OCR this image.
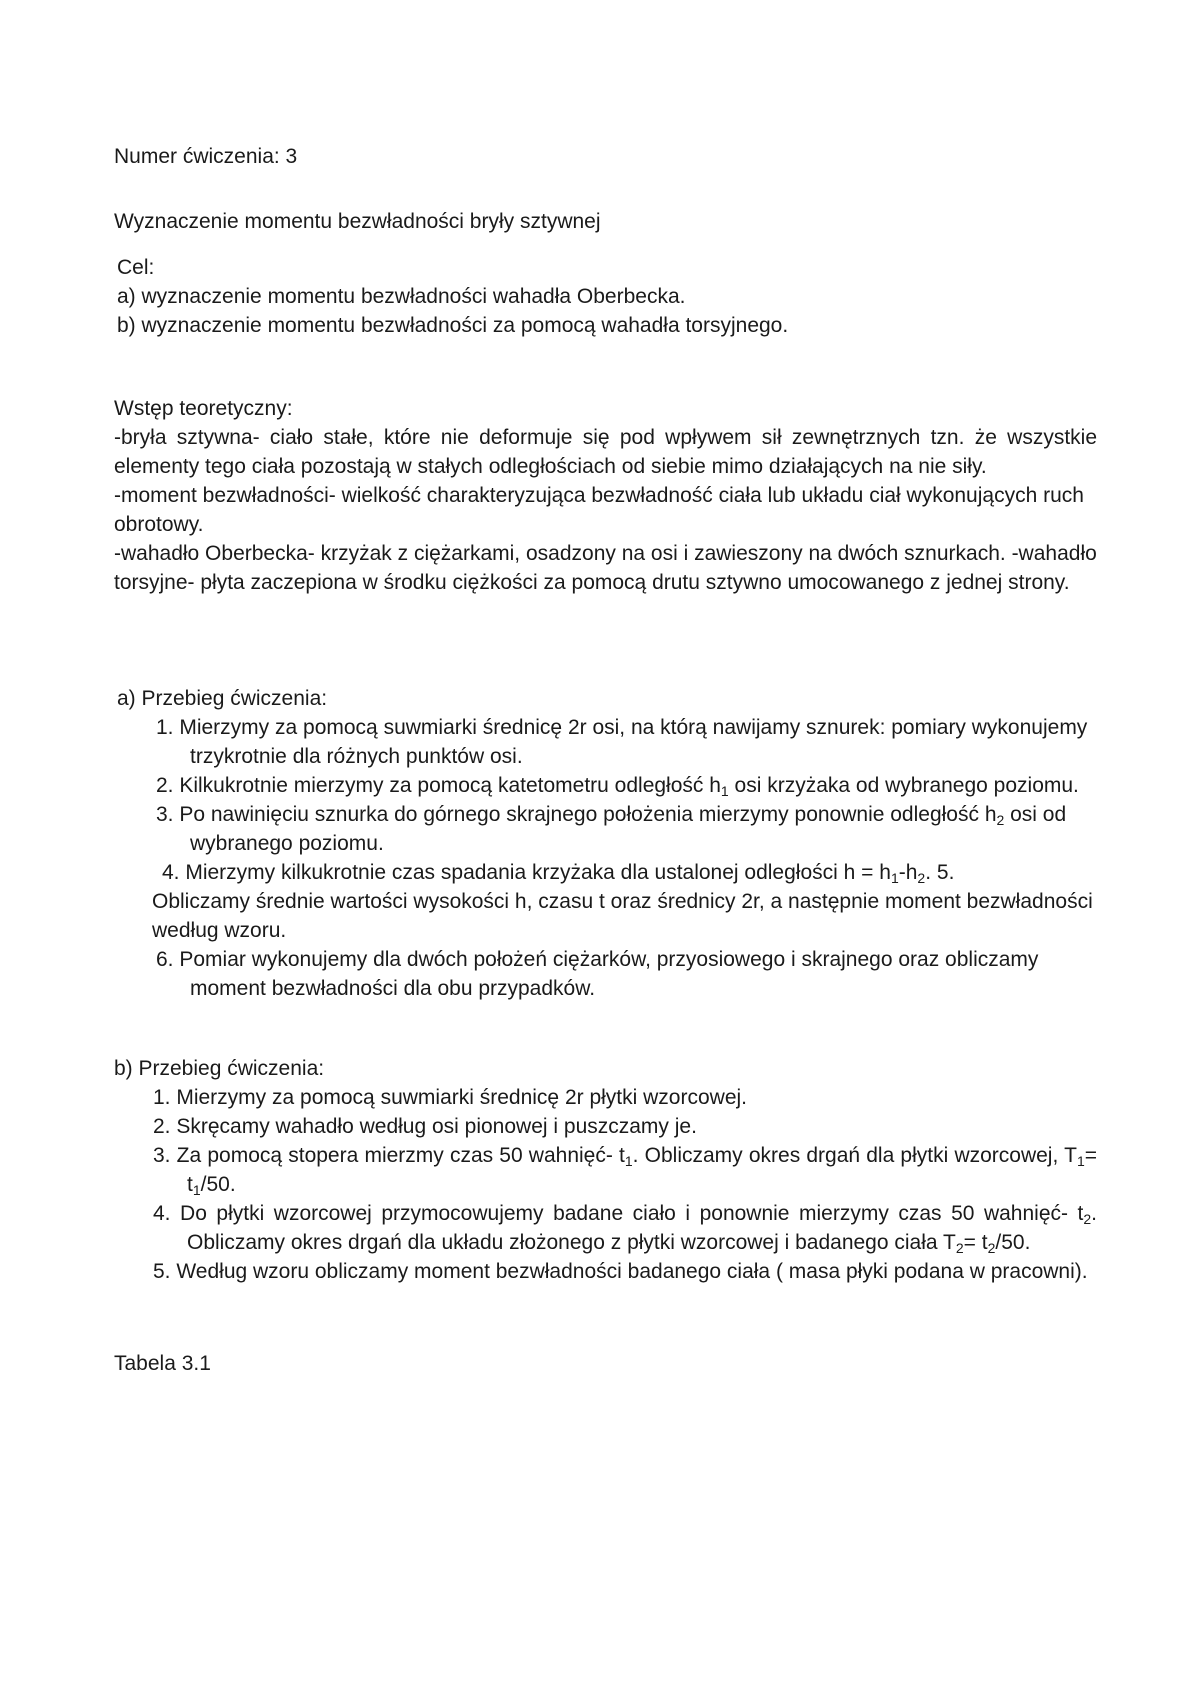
Numer ćwiczenia: 3

Wyznaczenie momentu bezwładności bryły sztywnej

Cel:

a) wyznaczenie momentu bezwładności wahadła Oberbecka.

b) wyznaczenie momentu bezwładności za pomocą wahadła torsyjnego.

Wstęp teoretyczny:

-bryła sztywna- ciało stałe, które nie deformuje się pod wpływem sił zewnętrznych tzn. że wszystkie elementy tego ciała pozostają w stałych odległościach od siebie mimo działających na nie siły.

-moment bezwładności- wielkość charakteryzująca bezwładność ciała lub układu ciał wykonujących ruch obrotowy.

-wahadło Oberbecka- krzyżak z ciężarkami, osadzony na osi i zawieszony na dwóch sznurkach. -wahadło torsyjne- płyta zaczepiona w środku ciężkości za pomocą drutu sztywno umocowanego z jednej strony.

a) Przebieg ćwiczenia:

1. Mierzymy za pomocą suwmiarki średnicę 2r osi, na którą nawijamy sznurek: pomiary wykonujemy trzykrotnie dla różnych punktów osi.
2. Kilkukrotnie mierzymy za pomocą katetometru odległość $h_1$ osi krzyżaka od wybranego poziomu.
3. Po nawinięciu sznurka do górnego skrajnego położenia mierzymy ponownie odległość $h_2$ osi od wybranego poziomu.
4. Mierzymy kilkukrotnie czas spadania krzyżaka dla ustalonej odległości $h = h_1-h_2$. 5.
Obliczamy średnie wartości wysokości h, czasu t oraz średnicy 2r, a następnie moment bezwładności według wzoru.
6. Pomiar wykonujemy dla dwóch położeń ciężarków, przyosiowego i skrajnego oraz obliczamy moment bezwładności dla obu przypadków.

b) Przebieg ćwiczenia:

1. Mierzymy za pomocą suwmiarki średnicę 2r płytki wzorcowej.
2. Skręcamy wahadło według osi pionowej i puszczamy je.
3. Za pomocą stopera mierzmy czas 50 wahnięć- $t_1$. Obliczamy okres drgań dla płytki wzorcowej, $T_1= t_1/50$.
4. Do płytki wzorcowej przymocowujemy badane ciało i ponownie mierzymy czas 50 wahnięć- $t_2$. Obliczamy okres drgań dla układu złożonego z płytki wzorcowej i badanego ciała $T_2= t_2/50$.
5. Według wzoru obliczamy moment bezwładności badanego ciała ( masa płyki podana w pracowni).

Tabela 3.1
